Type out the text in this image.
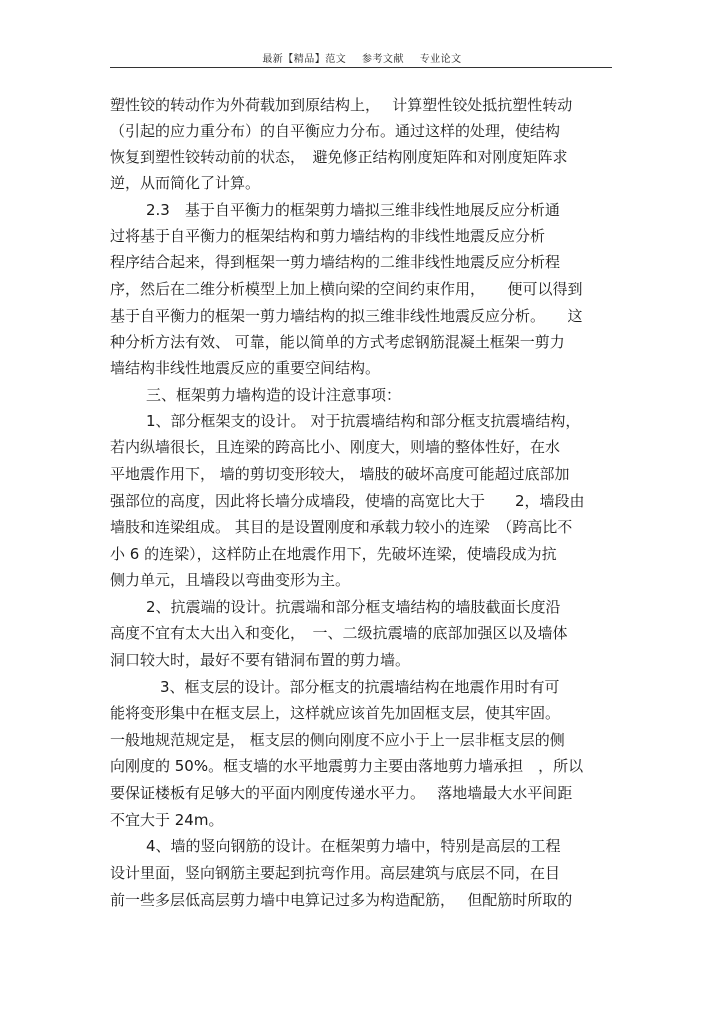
最新【精品】范文 参考文献 专业论文
塑性铰的转动作为外荷载加到原结构上，　 计算塑性铰处抵抗塑性转动
（引起的应力重分布）的自平衡应力分布。通过这样的处理，使结构
恢复到塑性铰转动前的状态，　避免修正结构刚度矩阵和对刚度矩阵求
逆，从而简化了计算。
2.3　基于自平衡力的框架剪力墙拟三维非线性地展反应分析通
过将基于自平衡力的框架结构和剪力墙结构的非线性地震反应分析
程序结合起来，得到框架一剪力墙结构的二维非线性地震反应分析程
序，然后在二维分析模型上加上横向梁的空间约束作用，　　便可以得到
基于自平衡力的框架一剪力墙结构的拟三维非线性地震反应分析。　　这
种分析方法有效、 可靠，能以简单的方式考虑钢筋混凝土框架一剪力
墙结构非线性地震反应的重要空间结构。
三、框架剪力墙构造的设计注意事项：
1、部分框架支的设计。 对于抗震墙结构和部分框支抗震墙结构，
若内纵墙很长，且连梁的跨高比小、刚度大，则墙的整体性好，在水
平地震作用下， 墙的剪切变形较大， 墙肢的破坏高度可能超过底部加
强部位的高度，因此将长墙分成墙段，使墙的高宽比大于　　2，墙段由
墙肢和连梁组成。 其目的是设置刚度和承载力较小的连梁　（跨高比不
小 6 的连梁），这样防止在地震作用下，先破坏连梁，使墙段成为抗
侧力单元，且墙段以弯曲变形为主。
2、抗震端的设计。抗震端和部分框支墙结构的墙肢截面长度沿
高度不宜有太大出入和变化，　一、二级抗震墙的底部加强区以及墙体
洞口较大时，最好不要有错洞布置的剪力墙。
3、框支层的设计。部分框支的抗震墙结构在地震作用时有可
能将变形集中在框支层上，这样就应该首先加固框支层，使其牢固。
一般地规范规定是， 框支层的侧向刚度不应小于上一层非框支层的侧
向刚度的 50%。框支墙的水平地震剪力主要由落地剪力墙承担　，所以
要保证楼板有足够大的平面内刚度传递水平力。　 落地墙最大水平间距
不宜大于 24m。
4、墙的竖向钢筋的设计。在框架剪力墙中，特别是高层的工程
设计里面，竖向钢筋主要起到抗弯作用。高层建筑与底层不同，在目
前一些多层低高层剪力墙中电算记过多为构造配筋，　 但配筋时所取的
